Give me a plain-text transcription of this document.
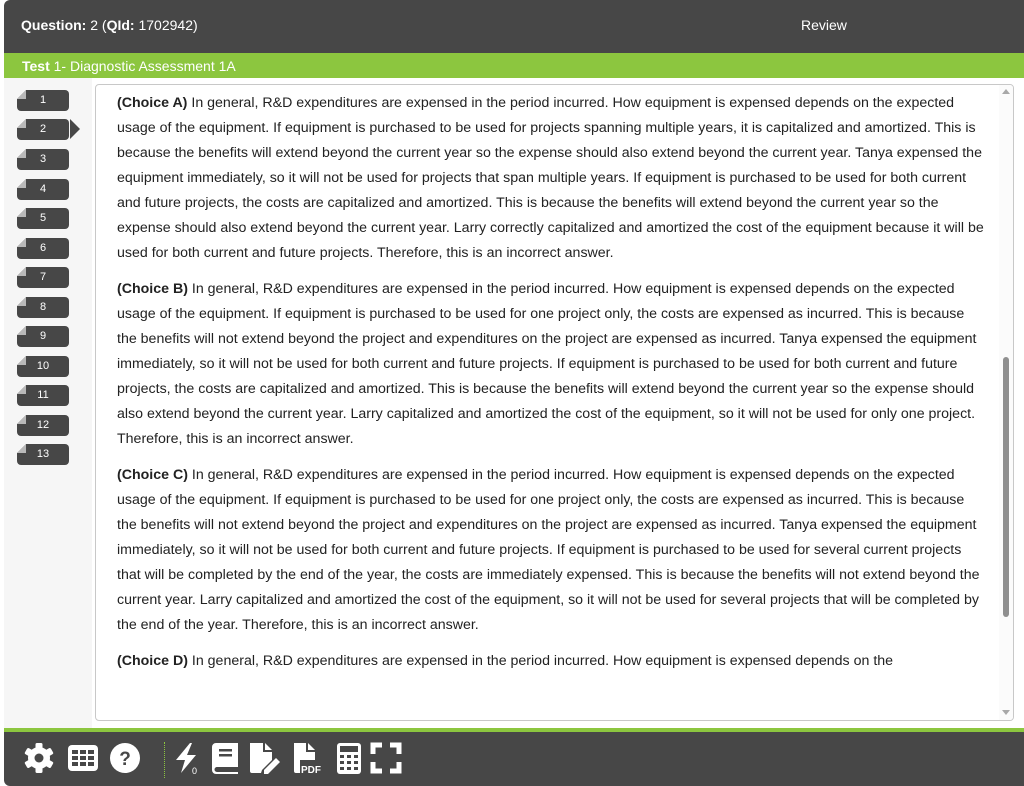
Question: 2 (QId: 1702942)	Review
Test 1- Diagnostic Assessment 1A
1
2
3
4
5
6
7
8
9
10
11
12
13

(Choice A) In general, R&D expenditures are expensed in the period incurred. How equipment is expensed depends on the expected usage of the equipment. If equipment is purchased to be used for projects spanning multiple years, it is capitalized and amortized. This is because the benefits will extend beyond the current year so the expense should also extend beyond the current year. Tanya expensed the equipment immediately, so it will not be used for projects that span multiple years. If equipment is purchased to be used for both current and future projects, the costs are capitalized and amortized. This is because the benefits will extend beyond the current year so the expense should also extend beyond the current year. Larry correctly capitalized and amortized the cost of the equipment because it will be used for both current and future projects. Therefore, this is an incorrect answer.

(Choice B) In general, R&D expenditures are expensed in the period incurred. How equipment is expensed depends on the expected usage of the equipment. If equipment is purchased to be used for one project only, the costs are expensed as incurred. This is because the benefits will not extend beyond the project and expenditures on the project are expensed as incurred. Tanya expensed the equipment immediately, so it will not be used for both current and future projects. If equipment is purchased to be used for both current and future projects, the costs are capitalized and amortized. This is because the benefits will extend beyond the current year so the expense should also extend beyond the current year. Larry capitalized and amortized the cost of the equipment, so it will not be used for only one project. Therefore, this is an incorrect answer.

(Choice C) In general, R&D expenditures are expensed in the period incurred. How equipment is expensed depends on the expected usage of the equipment. If equipment is purchased to be used for one project only, the costs are expensed as incurred. This is because the benefits will not extend beyond the project and expenditures on the project are expensed as incurred. Tanya expensed the equipment immediately, so it will not be used for both current and future projects. If equipment is purchased to be used for several current projects that will be completed by the end of the year, the costs are immediately expensed. This is because the benefits will not extend beyond the current year. Larry capitalized and amortized the cost of the equipment, so it will not be used for several projects that will be completed by the end of the year. Therefore, this is an incorrect answer.

(Choice D) In general, R&D expenditures are expensed in the period incurred. How equipment is expensed depends on the

?
0	PDF
